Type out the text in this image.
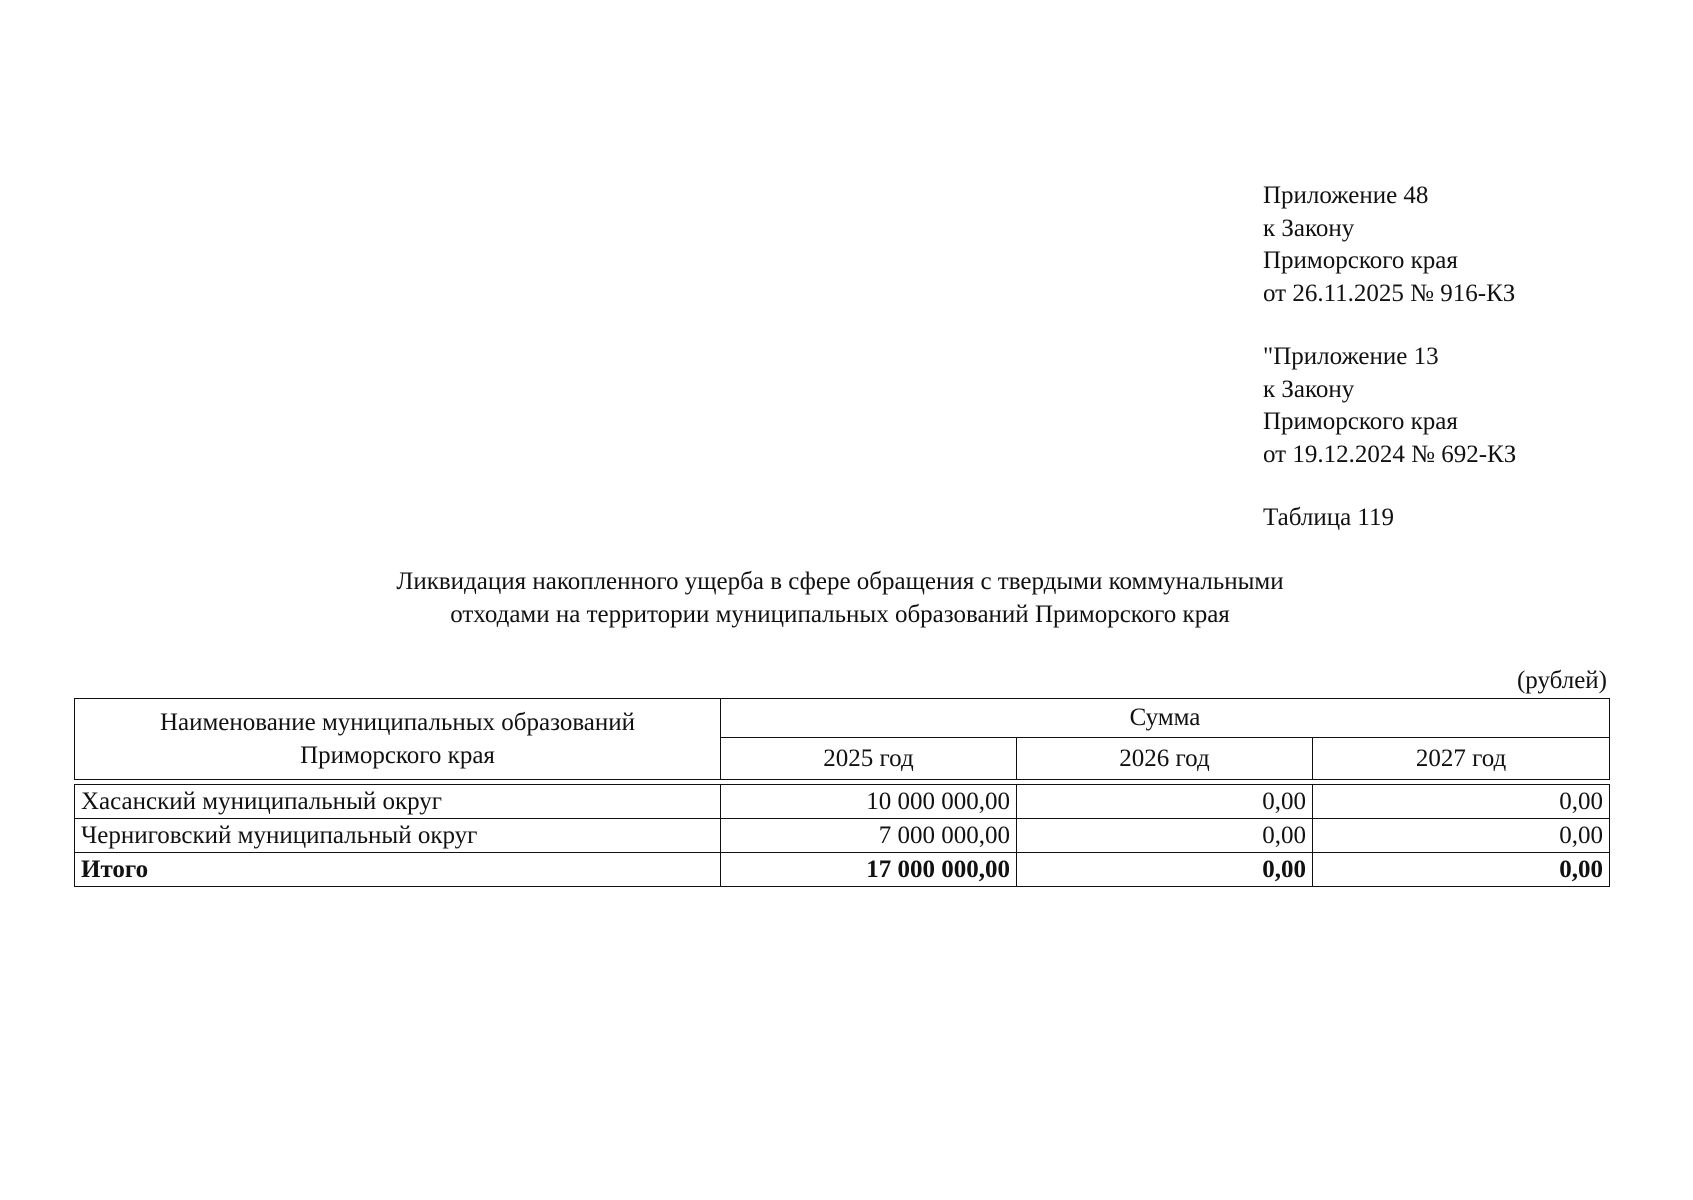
Приложение 48
к Закону
Приморского края
от 26.11.2025 № 916-КЗ
"Приложение 13
к Закону
Приморского края
от 19.12.2024 № 692-КЗ
Таблица 119
Ликвидация накопленного ущерба в сфере обращения с твердыми коммунальными
отходами на территории муниципальных образований Приморского края
(рублей)
Наименование муниципальных образований
Приморского края	Сумма		
	2025 год	2026 год	2027 год

Хасанский муниципальный округ	10 000 000,00	0,00	0,00
Черниговский муниципальный округ	7 000 000,00	0,00	0,00
Итого	17 000 000,00	0,00	0,00
